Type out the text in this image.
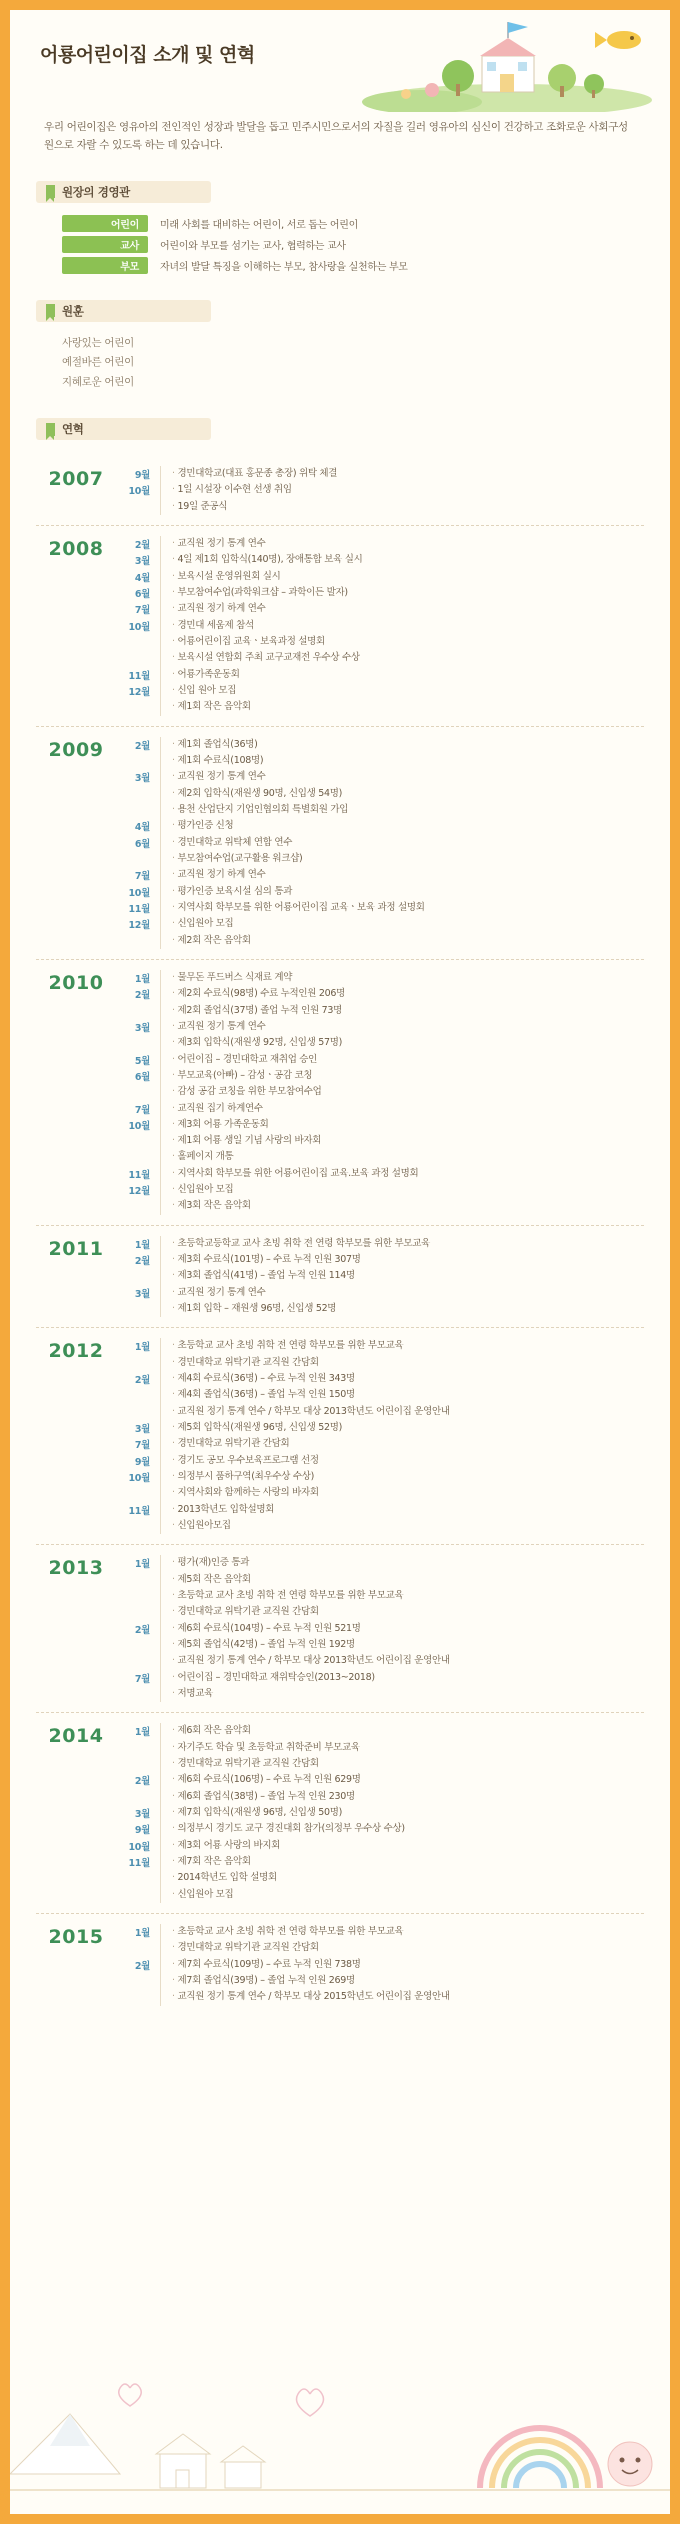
어룡어린이집 소개 및 연혁
우리 어린이집은 영유아의 전인적인 성장과 발달을 돕고 민주시민으로서의 자질을 길러 영유아의 심신이 건강하고 조화로운 사회구성원으로 자랄 수 있도록 하는 데 있습니다.
원장의 경영관
어린이	미래 사회를 대비하는 어린이, 서로 돕는 어린이
교사	어린이와 부모를 섬기는 교사, 협력하는 교사
부모	자녀의 발달 특징을 이해하는 부모, 참사랑을 실천하는 부모
원훈
사랑있는 어린이
예절바른 어린이
지혜로운 어린이
연혁
2007	9월	· 경민대학교(대표 홍문종 총장) 위탁 체결
10월	· 1일 시설장 이수현 선생 취임
· 19일 준공식
2008	2월	· 교직원 정기 통계 연수
3월	· 4일 제1회 입학식(140명), 장애통합 보육 실시
4월	· 보육시설 운영위원회 실시
6월	· 부모참여수업(과학워크샵 – 과학이든 발자)
7월	· 교직원 정기 하계 연수
10월	· 경민대 세움제 참석
· 어룡어린이집 교육ㆍ보육과정 설명회
· 보육시설 연합회 주최 교구교재전 우수상 수상
11월	· 어룡가족운동회
12월	· 신입 원아 모집
· 제1회 작은 음악회
2009	2월	· 제1회 졸업식(36명)
· 제1회 수료식(108명)
3월	· 교직원 정기 통계 연수
· 제2회 입학식(재원생 90명, 신입생 54명)
· 용천 산업단지 기업인협의회 특별회원 가입
4월	· 평가인증 신청
6월	· 경민대학교 위탁체 연합 연수
· 부모참여수업(교구활용 워크샵)
7월	· 교직원 정기 하계 연수
10월	· 평가인증 보육시설 심의 통과
11월	· 지역사회 학부모를 위한 어룡어린이집 교육ㆍ보육 과정 설명회
12월	· 신입원아 모집
· 제2회 작은 음악회
2010	1월	· 물무돈 푸드버스 식재료 계약
2월	· 제2회 수료식(98명) 수료 누적인원 206명
· 제2회 졸업식(37명) 졸업 누적 인원 73명
3월	· 교직원 정기 통계 연수
· 제3회 입학식(재원생 92명, 신입생 57명)
5월	· 어린이집 – 경민대학교 재취업 승인
6월	· 부모교육(아빠) – 감성ㆍ공감 코칭
· 감성 공감 코칭을 위한 부모참여수업
7월	· 교직원 집기 하계연수
10월	· 제3회 어룡 가족운동회
· 제1회 어룡 생일 기념 사랑의 바자회
· 홀페이지 개통
11월	· 지역사회 학부모를 위한 어룡어린이집 교육.보육 과정 설명회
12월	· 신입원아 모집
· 제3회 작은 음악회
2011	1월	· 초등학교등학교 교사 초빙 취학 전 연령 학부모를 위한 부모교육
2월	· 제3회 수료식(101명) – 수료 누적 인원 307명
· 제3회 졸업식(41명) – 졸업 누적 인원 114명
3월	· 교직원 정기 통계 연수
· 제1회 입학 – 재원생 96명, 신입생 52명
2012	1월	· 초등학교 교사 초빙 취학 전 연령 학부모를 위한 부모교육
· 경민대학교 위탁기관 교직원 간담회
2월	· 제4회 수료식(36명) – 수료 누적 인원 343명
· 제4회 졸업식(36명) – 졸업 누적 인원 150명
· 교직원 정기 통계 연수 / 학부모 대상 2013학년도 어린이집 운영안내
3월	· 제5회 입학식(재원생 96명, 신입생 52명)
7월	· 경민대학교 위탁기관 간담회
9월	· 경기도 공모 우수보육프로그램 선정
10월	· 의정부시 품하구역(최우수상 수상)
· 지역사회와 함께하는 사랑의 바자회
11월	· 2013학년도 입학설명회
· 신입원아모집
2013	1월	· 평가(재)인증 통과
· 제5회 작은 음악회
· 초등학교 교사 초빙 취학 전 연령 학부모를 위한 부모교육
· 경민대학교 위탁기관 교직원 간담회
2월	· 제6회 수료식(104명) – 수료 누적 인원 521명
· 제5회 졸업식(42명) – 졸업 누적 인원 192명
· 교직원 정기 통계 연수 / 학부모 대상 2013학년도 어린이집 운영안내
7월	· 어린이집 – 경민대학교 재위탁승인(2013~2018)
· 저명교육
2014	1월	· 제6회 작은 음악회
· 자기주도 학습 및 초등학교 취학준비 부모교육
· 경민대학교 위탁기관 교직원 간담회
2월	· 제6회 수료식(106명) – 수료 누적 인원 629명
· 제6회 졸업식(38명) – 졸업 누적 인원 230명
3월	· 제7회 입학식(재원생 96명, 신입생 50명)
9월	· 의정부시 경기도 교구 경진대회 참가(의정부 우수상 수상)
10월	· 제3회 어룡 사랑의 바지회
11월	· 제7회 작은 음악회
· 2014학년도 입학 설명회
· 신입원아 모집
2015	1월	· 초등학교 교사 초빙 취학 전 연령 학부모를 위한 부모교육
· 경민대학교 위탁기관 교직원 간담회
2월	· 제7회 수료식(109명) – 수료 누적 인원 738명
· 제7회 졸업식(39명) – 졸업 누적 인원 269명
· 교직원 정기 통계 연수 / 학부모 대상 2015학년도 어린이집 운영안내
